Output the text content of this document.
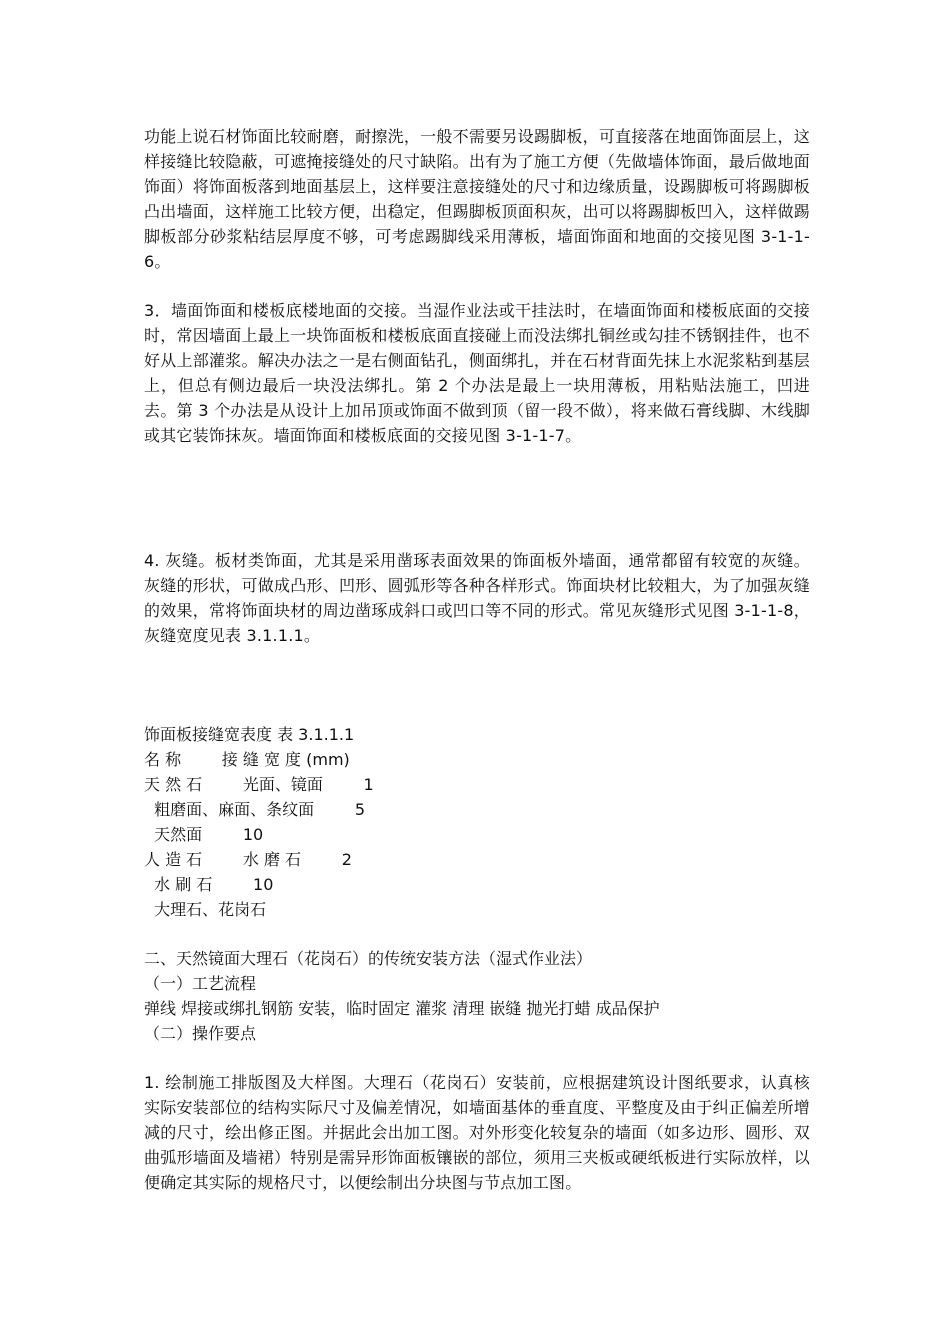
功能上说石材饰面比较耐磨，耐擦洗，一般不需要另设踢脚板，可直接落在地面饰面层上，这样接缝比较隐蔽，可遮掩接缝处的尺寸缺陷。出有为了施工方便（先做墙体饰面，最后做地面饰面）将饰面板落到地面基层上，这样要注意接缝处的尺寸和边缘质量，设踢脚板可将踢脚板凸出墙面，这样施工比较方便，出稳定，但踢脚板顶面积灰，出可以将踢脚板凹入，这样做踢脚板部分砂浆粘结层厚度不够，可考虑踢脚线采用薄板，墙面饰面和地面的交接见图 3-1-1-6。

3．墙面饰面和楼板底楼地面的交接。当湿作业法或干挂法时，在墙面饰面和楼板底面的交接时，常因墙面上最上一块饰面板和楼板底面直接碰上而没法绑扎铜丝或勾挂不锈钢挂件，也不好从上部灌浆。解决办法之一是右侧面钻孔，侧面绑扎，并在石材背面先抹上水泥浆粘到基层上，但总有侧边最后一块没法绑扎。第 2 个办法是最上一块用薄板，用粘贴法施工，凹进去。第 3 个办法是从设计上加吊顶或饰面不做到顶（留一段不做），将来做石膏线脚、木线脚或其它装饰抹灰。墙面饰面和楼板底面的交接见图 3-1-1-7。

4. 灰缝。板材类饰面，尤其是采用凿琢表面效果的饰面板外墙面，通常都留有较宽的灰缝。灰缝的形状，可做成凸形、凹形、圆弧形等各种各样形式。饰面块材比较粗大，为了加强灰缝的效果，常将饰面块材的周边凿琢成斜口或凹口等不同的形式。常见灰缝形式见图 3-1-1-8，灰缝宽度见表 3.1.1.1。

饰面板接缝宽表度 表 3.1.1.1

名 称        接 缝 宽 度 (mm)

天 然 石        光面、镜面        1

粗磨面、麻面、条纹面        5

天然面        10

人 造 石        水 磨 石        2

水 刷 石        10

大理石、花岗石

二、天然镜面大理石（花岗石）的传统安装方法（湿式作业法）

（一）工艺流程

弹线 焊接或绑扎钢筋 安装，临时固定 灌浆 清理 嵌缝 抛光打蜡 成品保护

（二）操作要点

1. 绘制施工排版图及大样图。大理石（花岗石）安装前，应根据建筑设计图纸要求，认真核实际安装部位的结构实际尺寸及偏差情况，如墙面基体的垂直度、平整度及由于纠正偏差所增减的尺寸，绘出修正图。并据此会出加工图。对外形变化较复杂的墙面（如多边形、圆形、双曲弧形墙面及墙裙）特别是需异形饰面板镶嵌的部位，须用三夹板或硬纸板进行实际放样，以便确定其实际的规格尺寸，以便绘制出分块图与节点加工图。
